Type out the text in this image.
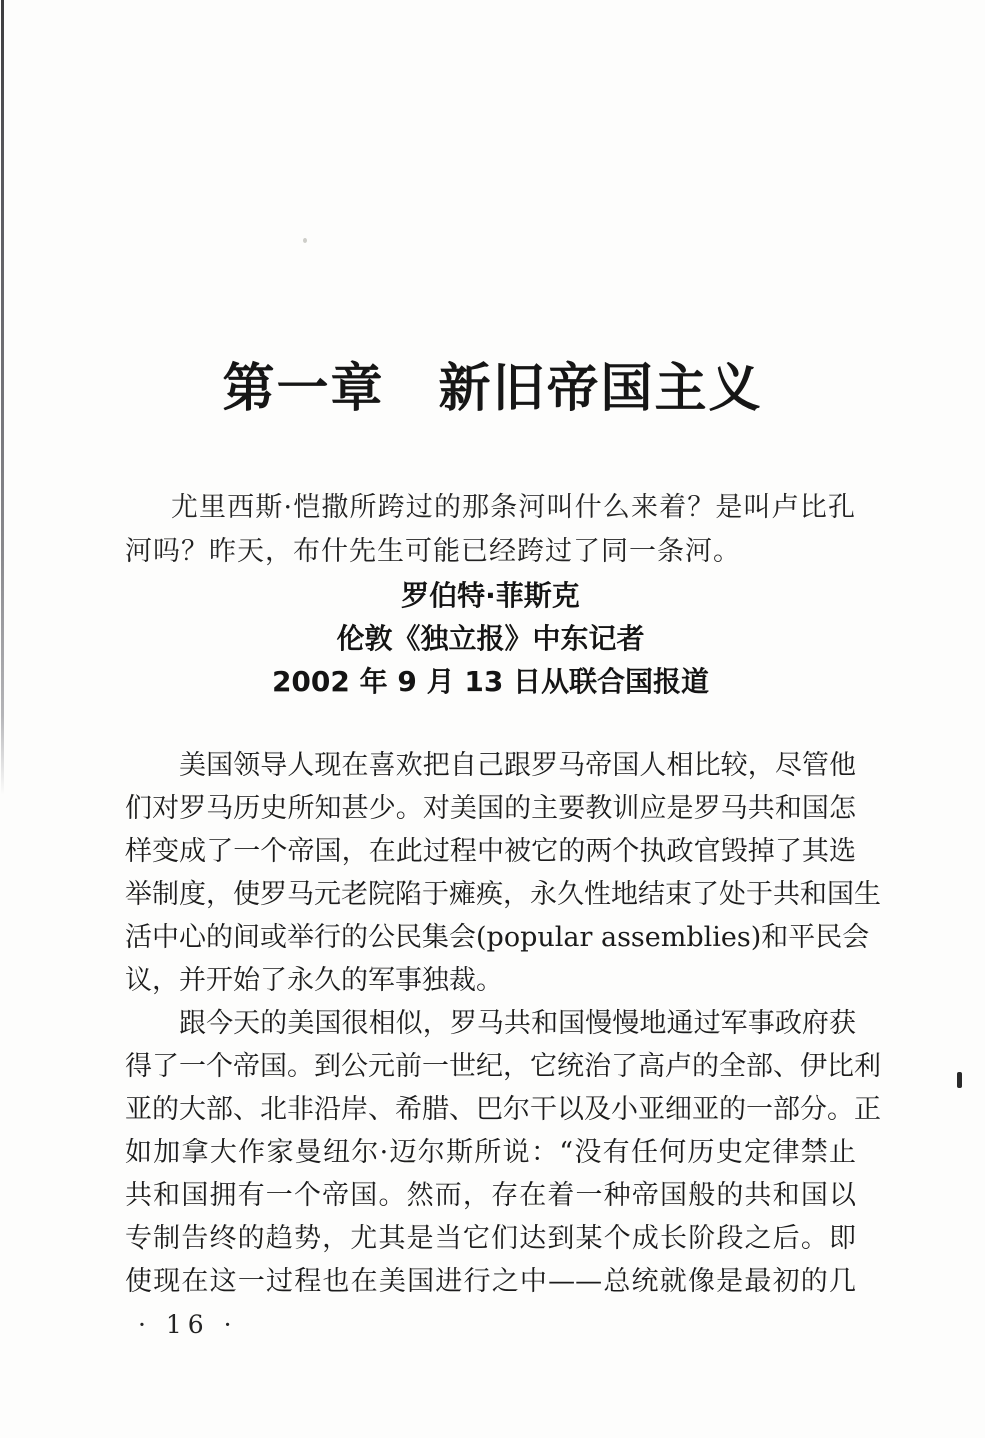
第一章　新旧帝国主义
尤里西斯·恺撒所跨过的那条河叫什么来着？是叫卢比孔
河吗？昨天，布什先生可能已经跨过了同一条河。
罗伯特·菲斯克
伦敦《独立报》中东记者
2002 年 9 月 13 日从联合国报道
美国领导人现在喜欢把自己跟罗马帝国人相比较，尽管他
们对罗马历史所知甚少。对美国的主要教训应是罗马共和国怎
样变成了一个帝国，在此过程中被它的两个执政官毁掉了其选
举制度，使罗马元老院陷于瘫痪，永久性地结束了处于共和国生
活中心的间或举行的公民集会(popular assemblies)和平民会
议，并开始了永久的军事独裁。
跟今天的美国很相似，罗马共和国慢慢地通过军事政府获
得了一个帝国。到公元前一世纪，它统治了高卢的全部、伊比利
亚的大部、北非沿岸、希腊、巴尔干以及小亚细亚的一部分。正
如加拿大作家曼纽尔·迈尔斯所说：“没有任何历史定律禁止
共和国拥有一个帝国。然而，存在着一种帝国般的共和国以
专制告终的趋势，尤其是当它们达到某个成长阶段之后。即
使现在这一过程也在美国进行之中——总统就像是最初的几
· 16 ·
